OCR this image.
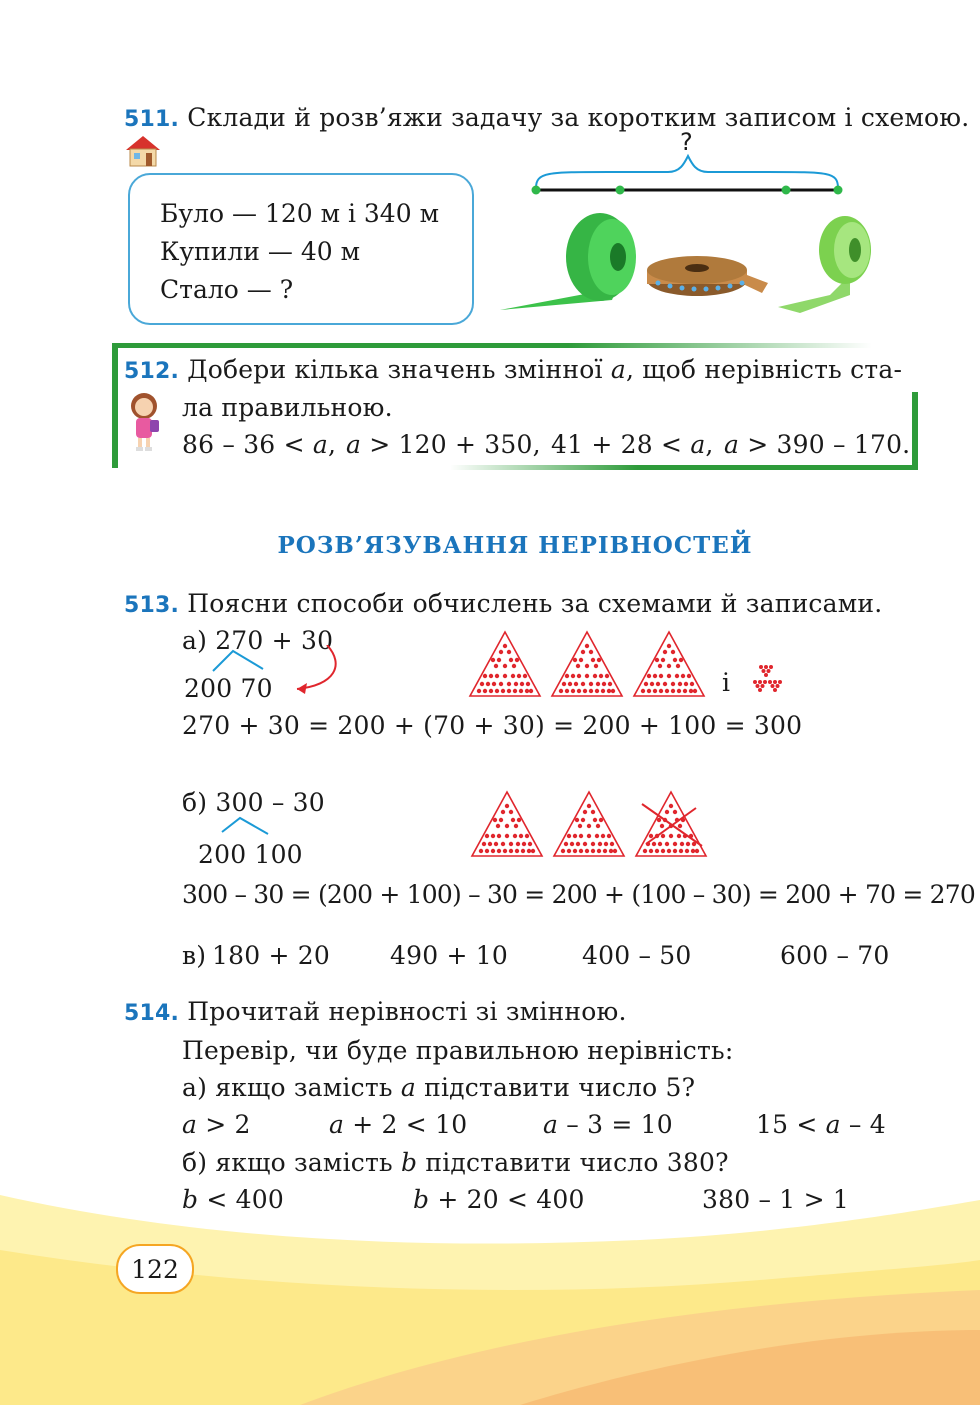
511. Склади й розв’яжи задачу за коротким записом і схемою.
Було — 120 м і 340 м
Купили — 40 м
Стало — ?
?
512. Добери кілька значень змінної a, щоб нерівність ста-
ла правильною.
86 – 36 < a, a > 120 + 350, 41 + 28 < a, a > 390 – 170.
РОЗВ’ЯЗУВАННЯ НЕРІВНОСТЕЙ
513. Поясни способи обчислень за схемами й записами.
а) 270 + 30
200 70
270 + 30 = 200 + (70 + 30) = 200 + 100 = 300
і
б) 300 – 30
200 100
300 – 30 = (200 + 100) – 30 = 200 + (100 – 30) = 200 + 70 = 270
в) 180 + 20 490 + 10	400 – 50	600 – 70
514. Прочитай нерівності зі змінною.
Перевір, чи буде правильною нерівність:
а) якщо замість a підставити число 5?
a > 2	a + 2 < 10	a – 3 = 10	15 < a – 4
б) якщо замість b підставити число 380?
b < 400	b + 20 < 400	380 – 1 > 1
122
